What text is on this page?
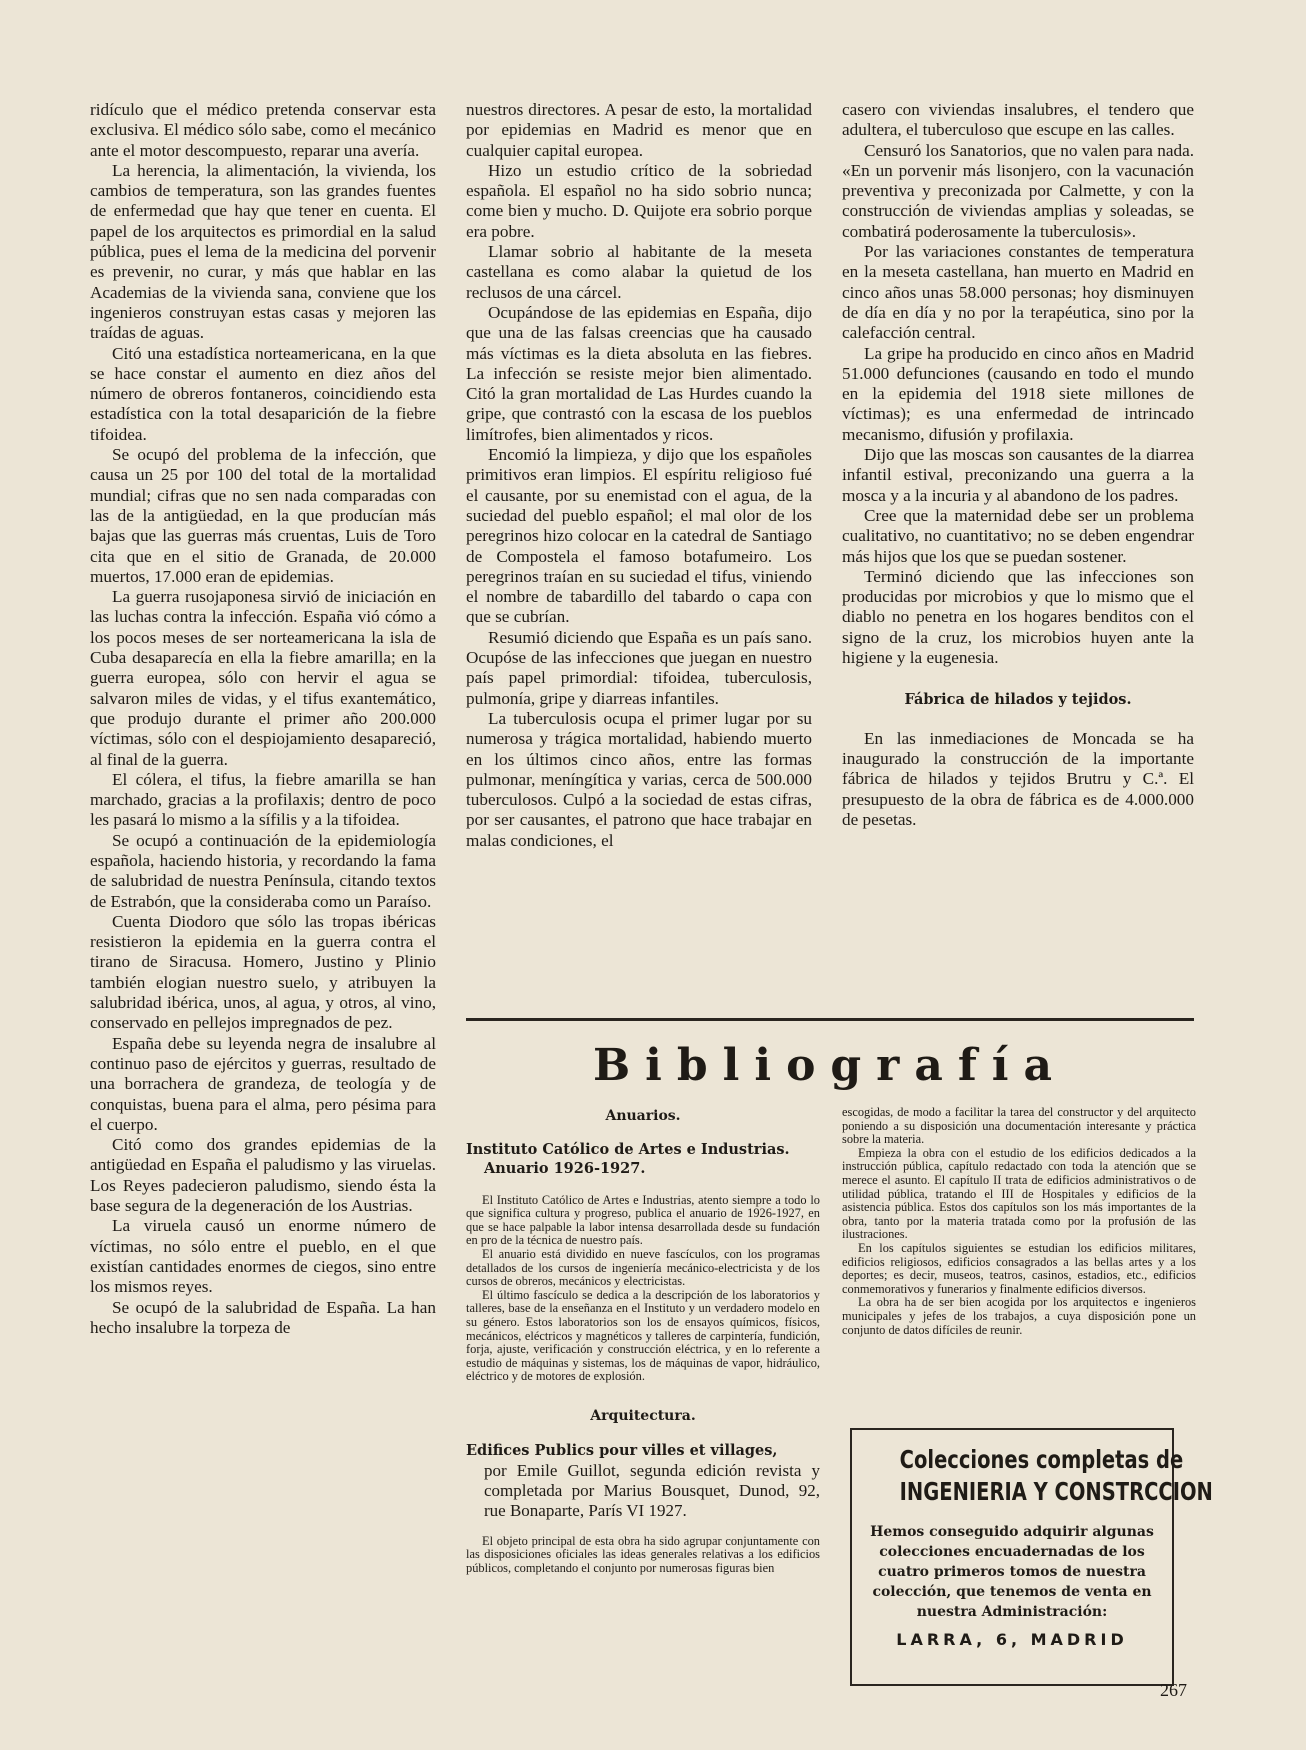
ridículo que el médico pretenda conservar esta exclusiva. El médico sólo sabe, como el mecánico ante el motor descompuesto, reparar una avería.

La herencia, la alimentación, la vivienda, los cambios de temperatura, son las grandes fuentes de enfermedad que hay que tener en cuenta. El papel de los arquitectos es primordial en la salud pública, pues el lema de la medicina del porvenir es prevenir, no curar, y más que hablar en las Academias de la vivienda sana, conviene que los ingenieros construyan estas casas y mejoren las traídas de aguas.

Citó una estadística norteamericana, en la que se hace constar el aumento en diez años del número de obreros fontaneros, coincidiendo esta estadística con la total desaparición de la fiebre tifoidea.

Se ocupó del problema de la infección, que causa un 25 por 100 del total de la mortalidad mundial; cifras que no sen nada comparadas con las de la antigüedad, en la que producían más bajas que las guerras más cruentas, Luis de Toro cita que en el sitio de Granada, de 20.000 muertos, 17.000 eran de epidemias.

La guerra rusojaponesa sirvió de iniciación en las luchas contra la infección. España vió cómo a los pocos meses de ser norteamericana la isla de Cuba desaparecía en ella la fiebre amarilla; en la guerra europea, sólo con hervir el agua se salvaron miles de vidas, y el tifus exantemático, que produjo durante el primer año 200.000 víctimas, sólo con el despiojamiento desapareció, al final de la guerra.

El cólera, el tifus, la fiebre amarilla se han marchado, gracias a la profilaxis; dentro de poco les pasará lo mismo a la sífilis y a la tifoidea.

Se ocupó a continuación de la epidemiología española, haciendo historia, y recordando la fama de salubridad de nuestra Península, citando textos de Estrabón, que la consideraba como un Paraíso.

Cuenta Diodoro que sólo las tropas ibéricas resistieron la epidemia en la guerra contra el tirano de Siracusa. Homero, Justino y Plinio también elogian nuestro suelo, y atribuyen la salubridad ibérica, unos, al agua, y otros, al vino, conservado en pellejos impregnados de pez.

España debe su leyenda negra de insalubre al continuo paso de ejércitos y guerras, resultado de una borrachera de grandeza, de teología y de conquistas, buena para el alma, pero pésima para el cuerpo.

Citó como dos grandes epidemias de la antigüedad en España el paludismo y las viruelas. Los Reyes padecieron paludismo, siendo ésta la base segura de la degeneración de los Austrias.

La viruela causó un enorme número de víctimas, no sólo entre el pueblo, en el que existían cantidades enormes de ciegos, sino entre los mismos reyes.

Se ocupó de la salubridad de España. La han hecho insalubre la torpeza de

nuestros directores. A pesar de esto, la mortalidad por epidemias en Madrid es menor que en cualquier capital europea.

Hizo un estudio crítico de la sobriedad española. El español no ha sido sobrio nunca; come bien y mucho. D. Quijote era sobrio porque era pobre.

Llamar sobrio al habitante de la meseta castellana es como alabar la quietud de los reclusos de una cárcel.

Ocupándose de las epidemias en España, dijo que una de las falsas creencias que ha causado más víctimas es la dieta absoluta en las fiebres. La infección se resiste mejor bien alimentado. Citó la gran mortalidad de Las Hurdes cuando la gripe, que contrastó con la escasa de los pueblos limítrofes, bien alimentados y ricos.

Encomió la limpieza, y dijo que los españoles primitivos eran limpios. El espíritu religioso fué el causante, por su enemistad con el agua, de la suciedad del pueblo español; el mal olor de los peregrinos hizo colocar en la catedral de Santiago de Compostela el famoso botafumeiro. Los peregrinos traían en su suciedad el tifus, viniendo el nombre de tabardillo del tabardo o capa con que se cubrían.

Resumió diciendo que España es un país sano. Ocupóse de las infecciones que juegan en nuestro país papel primordial: tifoidea, tuberculosis, pulmonía, gripe y diarreas infantiles.

La tuberculosis ocupa el primer lugar por su numerosa y trágica mortalidad, habiendo muerto en los últimos cinco años, entre las formas pulmonar, meníngítica y varias, cerca de 500.000 tuberculosos. Culpó a la sociedad de estas cifras, por ser causantes, el patrono que hace trabajar en malas condiciones, el

casero con viviendas insalubres, el tendero que adultera, el tuberculoso que escupe en las calles.

Censuró los Sanatorios, que no valen para nada. «En un porvenir más lisonjero, con la vacunación preventiva y preconizada por Calmette, y con la construcción de viviendas amplias y soleadas, se combatirá poderosamente la tuberculosis».

Por las variaciones constantes de temperatura en la meseta castellana, han muerto en Madrid en cinco años unas 58.000 personas; hoy disminuyen de día en día y no por la terapéutica, sino por la calefacción central.

La gripe ha producido en cinco años en Madrid 51.000 defunciones (causando en todo el mundo en la epidemia del 1918 siete millones de víctimas); es una enfermedad de intrincado mecanismo, difusión y profilaxia.

Dijo que las moscas son causantes de la diarrea infantil estival, preconizando una guerra a la mosca y a la incuria y al abandono de los padres.

Cree que la maternidad debe ser un problema cualitativo, no cuantitativo; no se deben engendrar más hijos que los que se puedan sostener.

Terminó diciendo que las infecciones son producidas por microbios y que lo mismo que el diablo no penetra en los hogares benditos con el signo de la cruz, los microbios huyen ante la higiene y la eugenesia.

Fábrica de hilados y tejidos.

En las inmediaciones de Moncada se ha inaugurado la construcción de la importante fábrica de hilados y tejidos Brutru y C.ª. El presupuesto de la obra de fábrica es de 4.000.000 de pesetas.

Bibliografía
Anuarios.
Instituto Católico de Artes e Industrias.
Anuario 1926-1927.

El Instituto Católico de Artes e Industrias, atento siempre a todo lo que significa cultura y progreso, publica el anuario de 1926-1927, en que se hace palpable la labor intensa desarrollada desde su fundación en pro de la técnica de nuestro país.

El anuario está dividido en nueve fascículos, con los programas detallados de los cursos de ingeniería mecánico-electricista y de los cursos de obreros, mecánicos y electricistas.

El último fascículo se dedica a la descripción de los laboratorios y talleres, base de la enseñanza en el Instituto y un verdadero modelo en su género. Estos laboratorios son los de ensayos químicos, físicos, mecánicos, eléctricos y magnéticos y talleres de carpintería, fundición, forja, ajuste, verificación y construcción eléctrica, y en lo referente a estudio de máquinas y sistemas, los de máquinas de vapor, hidráulico, eléctrico y de motores de explosión.

Arquitectura.
Edifices Publics pour villes et villages,
por Emile Guillot, segunda edición revista y completada por Marius Bousquet, Dunod, 92, rue Bonaparte, París VI 1927.

El objeto principal de esta obra ha sido agrupar conjuntamente con las disposiciones oficiales las ideas generales relativas a los edificios públicos, completando el conjunto por numerosas figuras bien

escogidas, de modo a facilitar la tarea del constructor y del arquitecto poniendo a su disposición una documentación interesante y práctica sobre la materia.

Empieza la obra con el estudio de los edificios dedicados a la instrucción pública, capítulo redactado con toda la atención que se merece el asunto. El capítulo II trata de edificios administrativos o de utilidad pública, tratando el III de Hospitales y edificios de la asistencia pública. Estos dos capítulos son los más importantes de la obra, tanto por la materia tratada como por la profusión de las ilustraciones.

En los capítulos siguientes se estudian los edificios militares, edificios religiosos, edificios consagrados a las bellas artes y a los deportes; es decir, museos, teatros, casinos, estadios, etc., edificios conmemorativos y funerarios y finalmente edificios diversos.

La obra ha de ser bien acogida por los arquitectos e ingenieros municipales y jefes de los trabajos, a cuya disposición pone un conjunto de datos difíciles de reunir.

Colecciones completas de
INGENIERIA Y CONSTRCCION
Hemos conseguido adquirir algunas colecciones encuadernadas de los cuatro primeros tomos de nuestra colección, que tenemos de venta en nuestra Administración:
LARRA, 6, MADRID
267
